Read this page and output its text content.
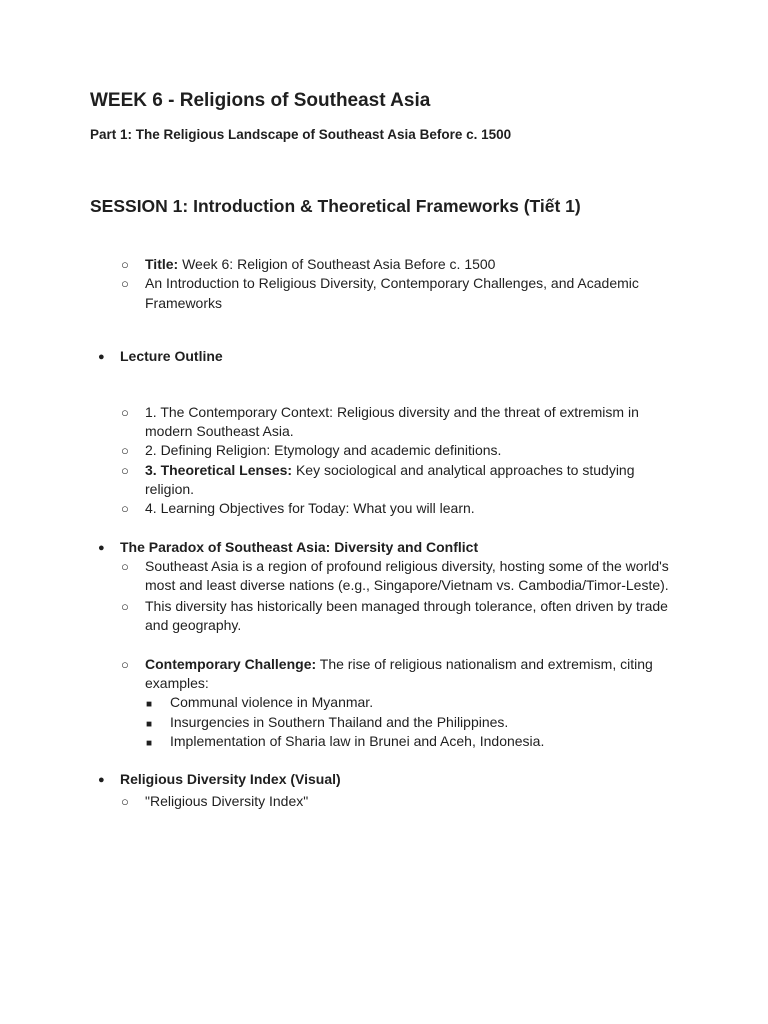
WEEK 6 - Religions of Southeast Asia
Part 1: The Religious Landscape of Southeast Asia Before c. 1500
SESSION 1: Introduction & Theoretical Frameworks (Tiết 1)
○ Title: Week 6: Religion of Southeast Asia Before c. 1500
○ An Introduction to Religious Diversity, Contemporary Challenges, and Academic
Frameworks
● Lecture Outline
○ 1. The Contemporary Context: Religious diversity and the threat of extremism in
modern Southeast Asia.
○ 2. Defining Religion: Etymology and academic definitions.
○ 3. Theoretical Lenses: Key sociological and analytical approaches to studying
religion.
○ 4. Learning Objectives for Today: What you will learn.
● The Paradox of Southeast Asia: Diversity and Conflict
○ Southeast Asia is a region of profound religious diversity, hosting some of the world's
most and least diverse nations (e.g., Singapore/Vietnam vs. Cambodia/Timor-Leste).
○ This diversity has historically been managed through tolerance, often driven by trade
and geography.
○ Contemporary Challenge: The rise of religious nationalism and extremism, citing
examples:
■ Communal violence in Myanmar.
■ Insurgencies in Southern Thailand and the Philippines.
■ Implementation of Sharia law in Brunei and Aceh, Indonesia.
● Religious Diversity Index (Visual)
○ "Religious Diversity Index"
